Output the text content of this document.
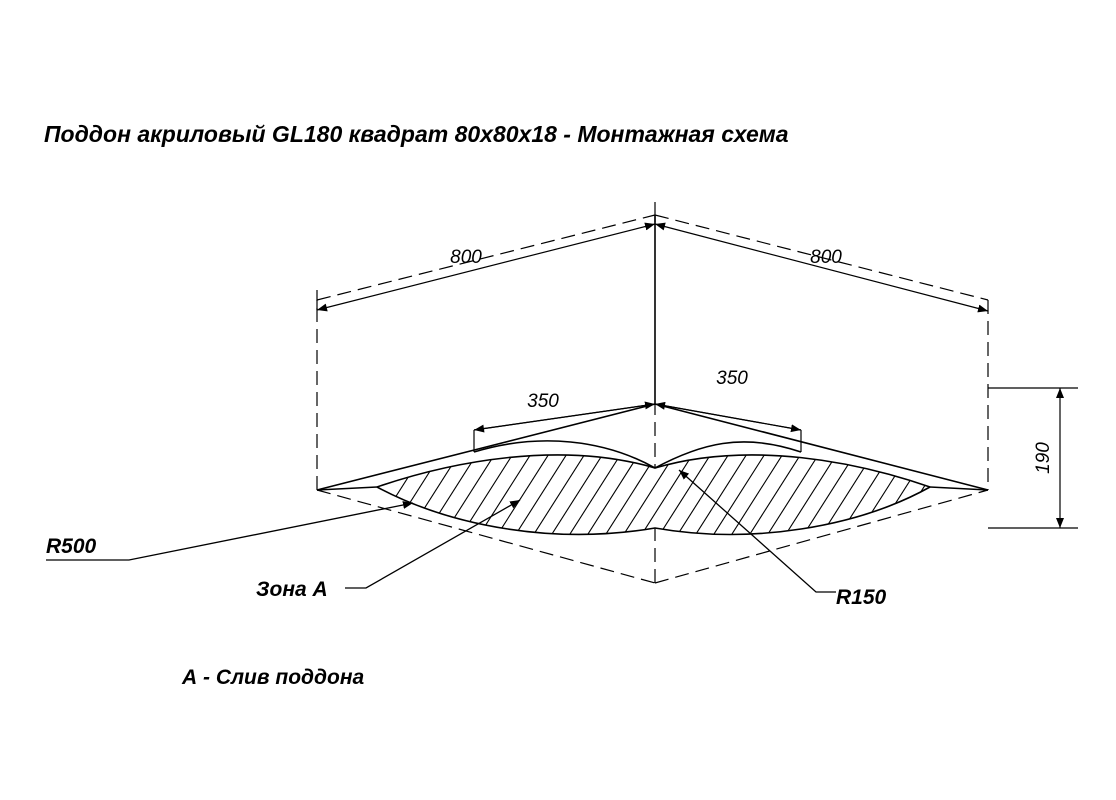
Поддон акриловый GL180 квадрат 80x80x18 - Монтажная схема
800	800
350
350
190
R500
Зона А	R150
А - Слив поддона
